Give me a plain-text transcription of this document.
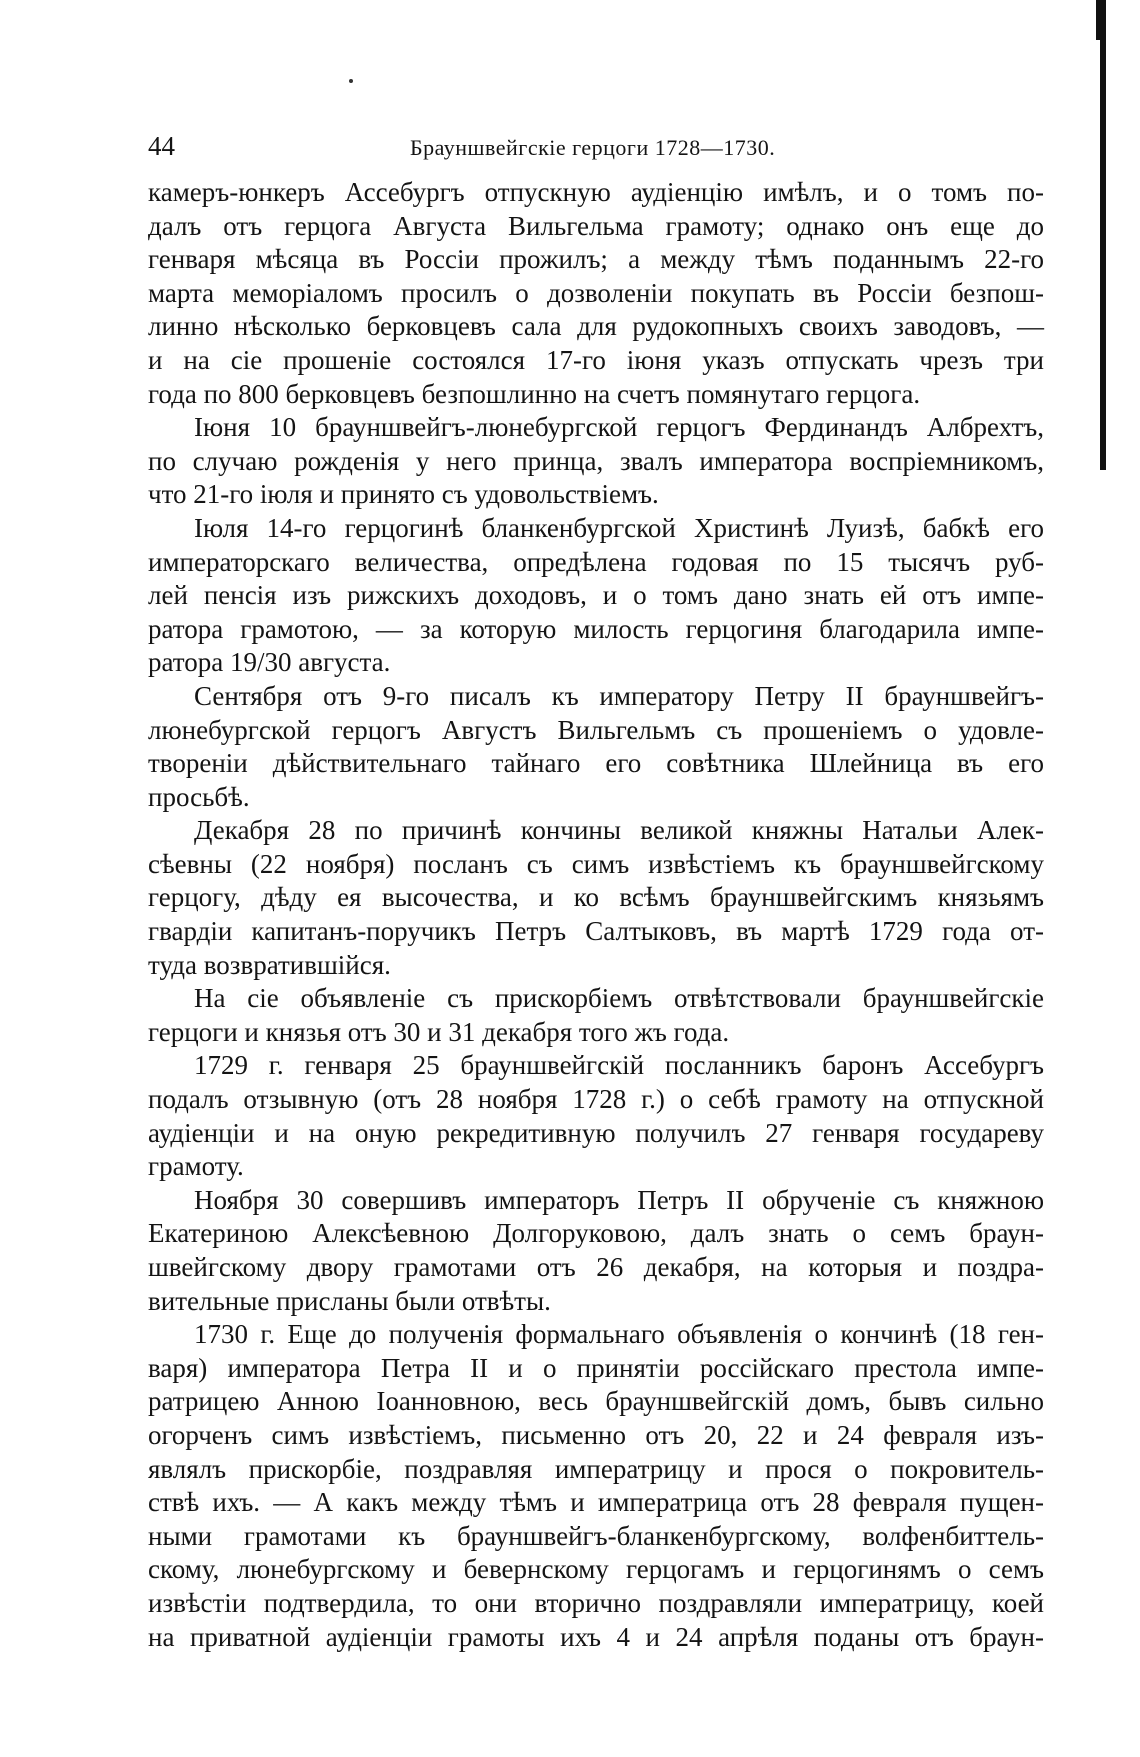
44	Брауншвейгскіе герцоги 1728—1730.
камеръ-юнкеръ Ассебургъ отпускную аудіенцію имѣлъ, и о томъ по-
далъ отъ герцога Августа Вильгельма грамоту; однако онъ еще до
генваря мѣсяца въ Россіи прожилъ; а между тѣмъ поданнымъ 22-го
марта меморіаломъ просилъ о дозволеніи покупать въ Россіи безпош-
линно нѣсколько берковцевъ сала для рудокопныхъ своихъ заводовъ, —
и на сіе прошеніе состоялся 17-го іюня указъ отпускать чрезъ три
года по 800 берковцевъ безпошлинно на счетъ помянутаго герцога.
Іюня 10 брауншвейгъ-люнебургской герцогъ Фердинандъ Албрехтъ,
по случаю рожденія у него принца, звалъ императора воспріемникомъ,
что 21-го іюля и принято съ удовольствіемъ.
Іюля 14-го герцогинѣ бланкенбургской Христинѣ Луизѣ, бабкѣ его
императорскаго величества, опредѣлена годовая по 15 тысячъ руб-
лей пенсія изъ рижскихъ доходовъ, и о томъ дано знать ей отъ импе-
ратора грамотою, — за которую милость герцогиня благодарила импе-
ратора 19/30 августа.
Сентября отъ 9-го писалъ къ императору Петру II брауншвейгъ-
люнебургской герцогъ Августъ Вильгельмъ съ прошеніемъ о удовле-
твореніи дѣйствительнаго тайнаго его совѣтника Шлейница въ его
просьбѣ.
Декабря 28 по причинѣ кончины великой княжны Натальи Алек-
сѣевны (22 ноября) посланъ съ симъ извѣстіемъ къ брауншвейгскому
герцогу, дѣду ея высочества, и ко всѣмъ брауншвейгскимъ князьямъ
гвардіи капитанъ-поручикъ Петръ Салтыковъ, въ мартѣ 1729 года от-
туда возвратившійся.
На сіе объявленіе съ прискорбіемъ отвѣтствовали брауншвейгскіе
герцоги и князья отъ 30 и 31 декабря того жъ года.
1729 г. генваря 25 брауншвейгскій посланникъ баронъ Ассебургъ
подалъ отзывную (отъ 28 ноября 1728 г.) о себѣ грамоту на отпускной
аудіенціи и на оную рекредитивную получилъ 27 генваря государеву
грамоту.
Ноября 30 совершивъ императоръ Петръ II обрученіе съ княжною
Екатериною Алексѣевною Долгоруковою, далъ знать о семъ браун-
швейгскому двору грамотами отъ 26 декабря, на которыя и поздра-
вительные присланы были отвѣты.
1730 г. Еще до полученія формальнаго объявленія о кончинѣ (18 ген-
варя) императора Петра II и о принятіи россійскаго престола импе-
ратрицею Анною Іоанновною, весь брауншвейгскій домъ, бывъ сильно
огорченъ симъ извѣстіемъ, письменно отъ 20, 22 и 24 февраля изъ-
являлъ прискорбіе, поздравляя императрицу и прося о покровитель-
ствѣ ихъ. — А какъ между тѣмъ и императрица отъ 28 февраля пущен-
ными грамотами къ брауншвейгъ-бланкенбургскому, волфенбиттель-
скому, люнебургскому и бевернскому герцогамъ и герцогинямъ о семъ
извѣстіи подтвердила, то они вторично поздравляли императрицу, коей
на приватной аудіенціи грамоты ихъ 4 и 24 апрѣля поданы отъ браун-
